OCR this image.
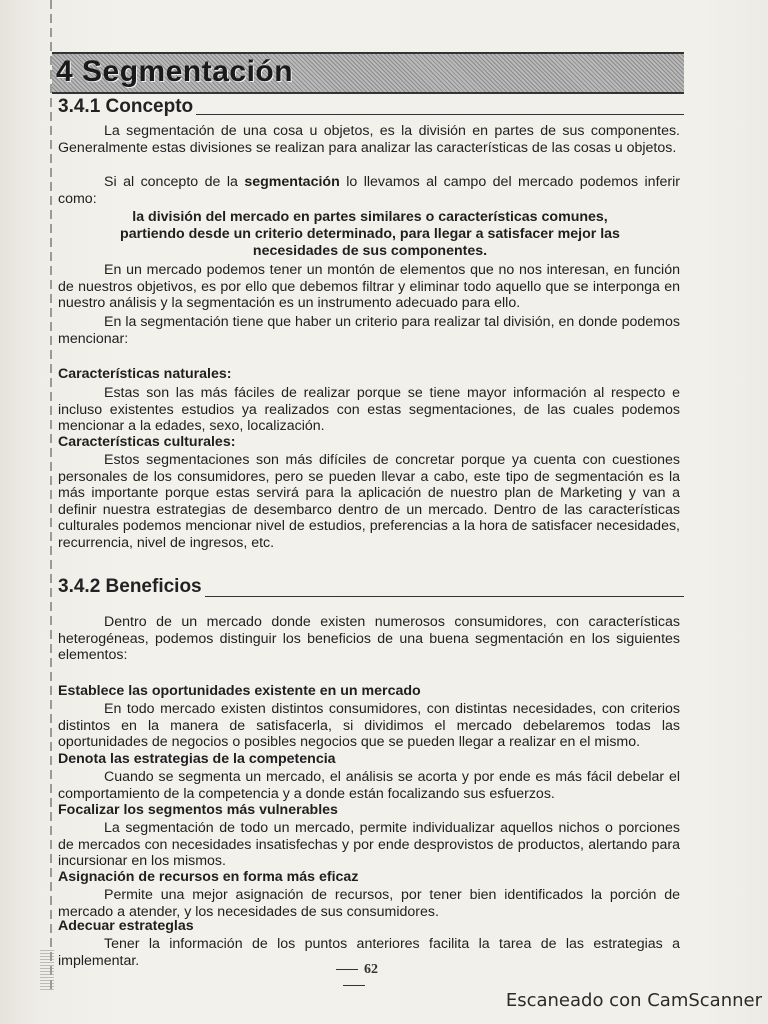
4 Segmentación
3.4.1 Concepto
La segmentación de una cosa u objetos, es la división en partes de sus componentes. Generalmente estas divisiones se realizan para analizar las características de las cosas u objetos.
Si al concepto de la segmentación lo llevamos al campo del mercado podemos inferir como:
la división del mercado en partes similares o características comunes, partiendo desde un criterio determinado, para llegar a satisfacer mejor las necesidades de sus componentes.
En un mercado podemos tener un montón de elementos que no nos interesan, en función de nuestros objetivos, es por ello que debemos filtrar y eliminar todo aquello que se interponga en nuestro análisis y la segmentación es un instrumento adecuado para ello.
En la segmentación tiene que haber un criterio para realizar tal división, en donde podemos mencionar:
Características naturales:
Estas son las más fáciles de realizar porque se tiene mayor información al respecto e incluso existentes estudios ya realizados con estas segmentaciones, de las cuales podemos mencionar a la edades, sexo, localización.
Características culturales:
Estos segmentaciones son más difíciles de concretar porque ya cuenta con cuestiones personales de los consumidores, pero se pueden llevar a cabo, este tipo de segmentación es la más importante porque estas servirá para la aplicación de nuestro plan de Marketing y van a definir nuestra estrategias de desembarco dentro de un mercado. Dentro de las características culturales podemos mencionar nivel de estudios, preferencias a la hora de satisfacer necesidades, recurrencia, nivel de ingresos, etc.
3.4.2 Beneficios
Dentro de un mercado donde existen numerosos consumidores, con características heterogéneas, podemos distinguir los beneficios de una buena segmentación en los siguientes elementos:
Establece las oportunidades existente en un mercado
En todo mercado existen distintos consumidores, con distintas necesidades, con criterios distintos en la manera de satisfacerla, si dividimos el mercado debelaremos todas las oportunidades de negocios o posibles negocios que se pueden llegar a realizar en el mismo.
Denota las estrategias de la competencia
Cuando se segmenta un mercado, el análisis se acorta y por ende es más fácil debelar el comportamiento de la competencia y a donde están focalizando sus esfuerzos.
Focalizar los segmentos más vulnerables
La segmentación de todo un mercado, permite individualizar aquellos nichos o porciones de mercados con necesidades insatisfechas y por ende desprovistos de productos, alertando para incursionar en los mismos.
Asignación de recursos en forma más eficaz
Permite una mejor asignación de recursos, por tener bien identificados la porción de mercado a atender, y los necesidades de sus consumidores.
Adecuar estrateglas
Tener la información de los puntos anteriores facilita la tarea de las estrategias a implementar.
62
Escaneado con CamScanner
